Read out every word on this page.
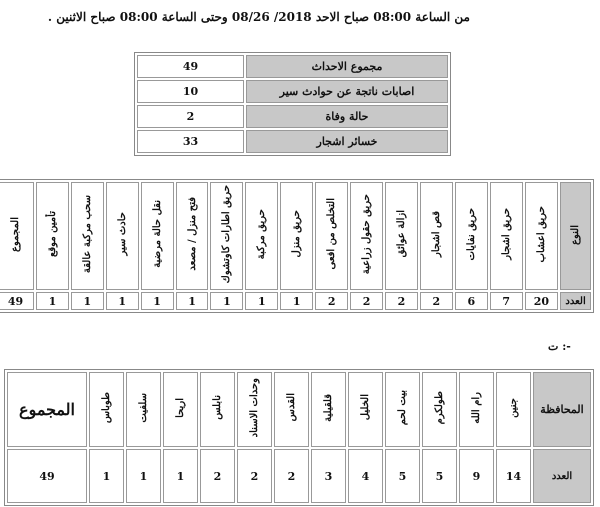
من الساعة 08:00 صباح الاحد 2018/ 08/26 وحتى الساعة 08:00 صباح الاثنين .
49	مجموع الاحداث
10	اصابات ناتجة عن حوادث سير
2	حالة وفاة
33	خسائر اشجار
المجموع	تأمين موقع	سحب مركبة عالقة	حادث سير	نقل حالة مرضية	فتح منزل / مصعد	حريق اطارات كاوتشوك	حريق مركبة	حريق منزل	التخلص من افعى	حريق حقول زراعية	ازالة عوائق	قص اشجار	حريق نفايات	حريق اشجار	حريق اعشاب	النوع
49	1	1	1	1	1	1	1	1	2	2	2	2	6	7	20	العدد
ت :-
المجموع	طوباس	سلفيت	اريحا	نابلس	وحدات الاسناد	القدس	قلقيلية	الخليل	بيت لحم	طولكرم	رام الله	جنين	المحافظة
49	1	1	1	2	2	2	3	4	5	5	9	14	العدد
